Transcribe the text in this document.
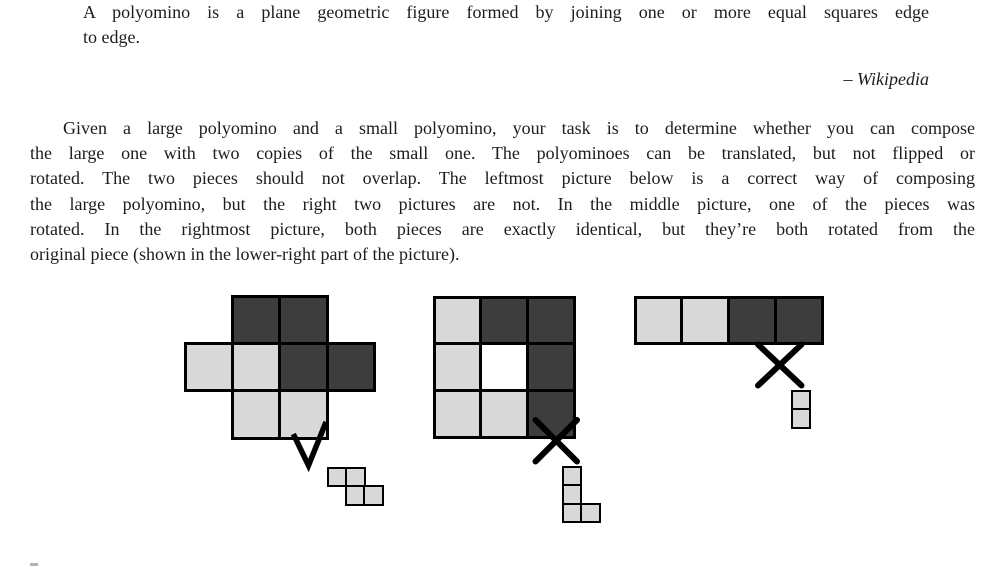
A polyomino is a plane geometric figure formed by joining one or more equal squares edge
to edge.
– Wikipedia
Given a large polyomino and a small polyomino, your task is to determine whether you can compose
the large one with two copies of the small one. The polyominoes can be translated, but not flipped or
rotated. The two pieces should not overlap. The leftmost picture below is a correct way of composing
the large polyomino, but the right two pictures are not. In the middle picture, one of the pieces was
rotated. In the rightmost picture, both pieces are exactly identical, but they’re both rotated from the
original piece (shown in the lower-right part of the picture).
